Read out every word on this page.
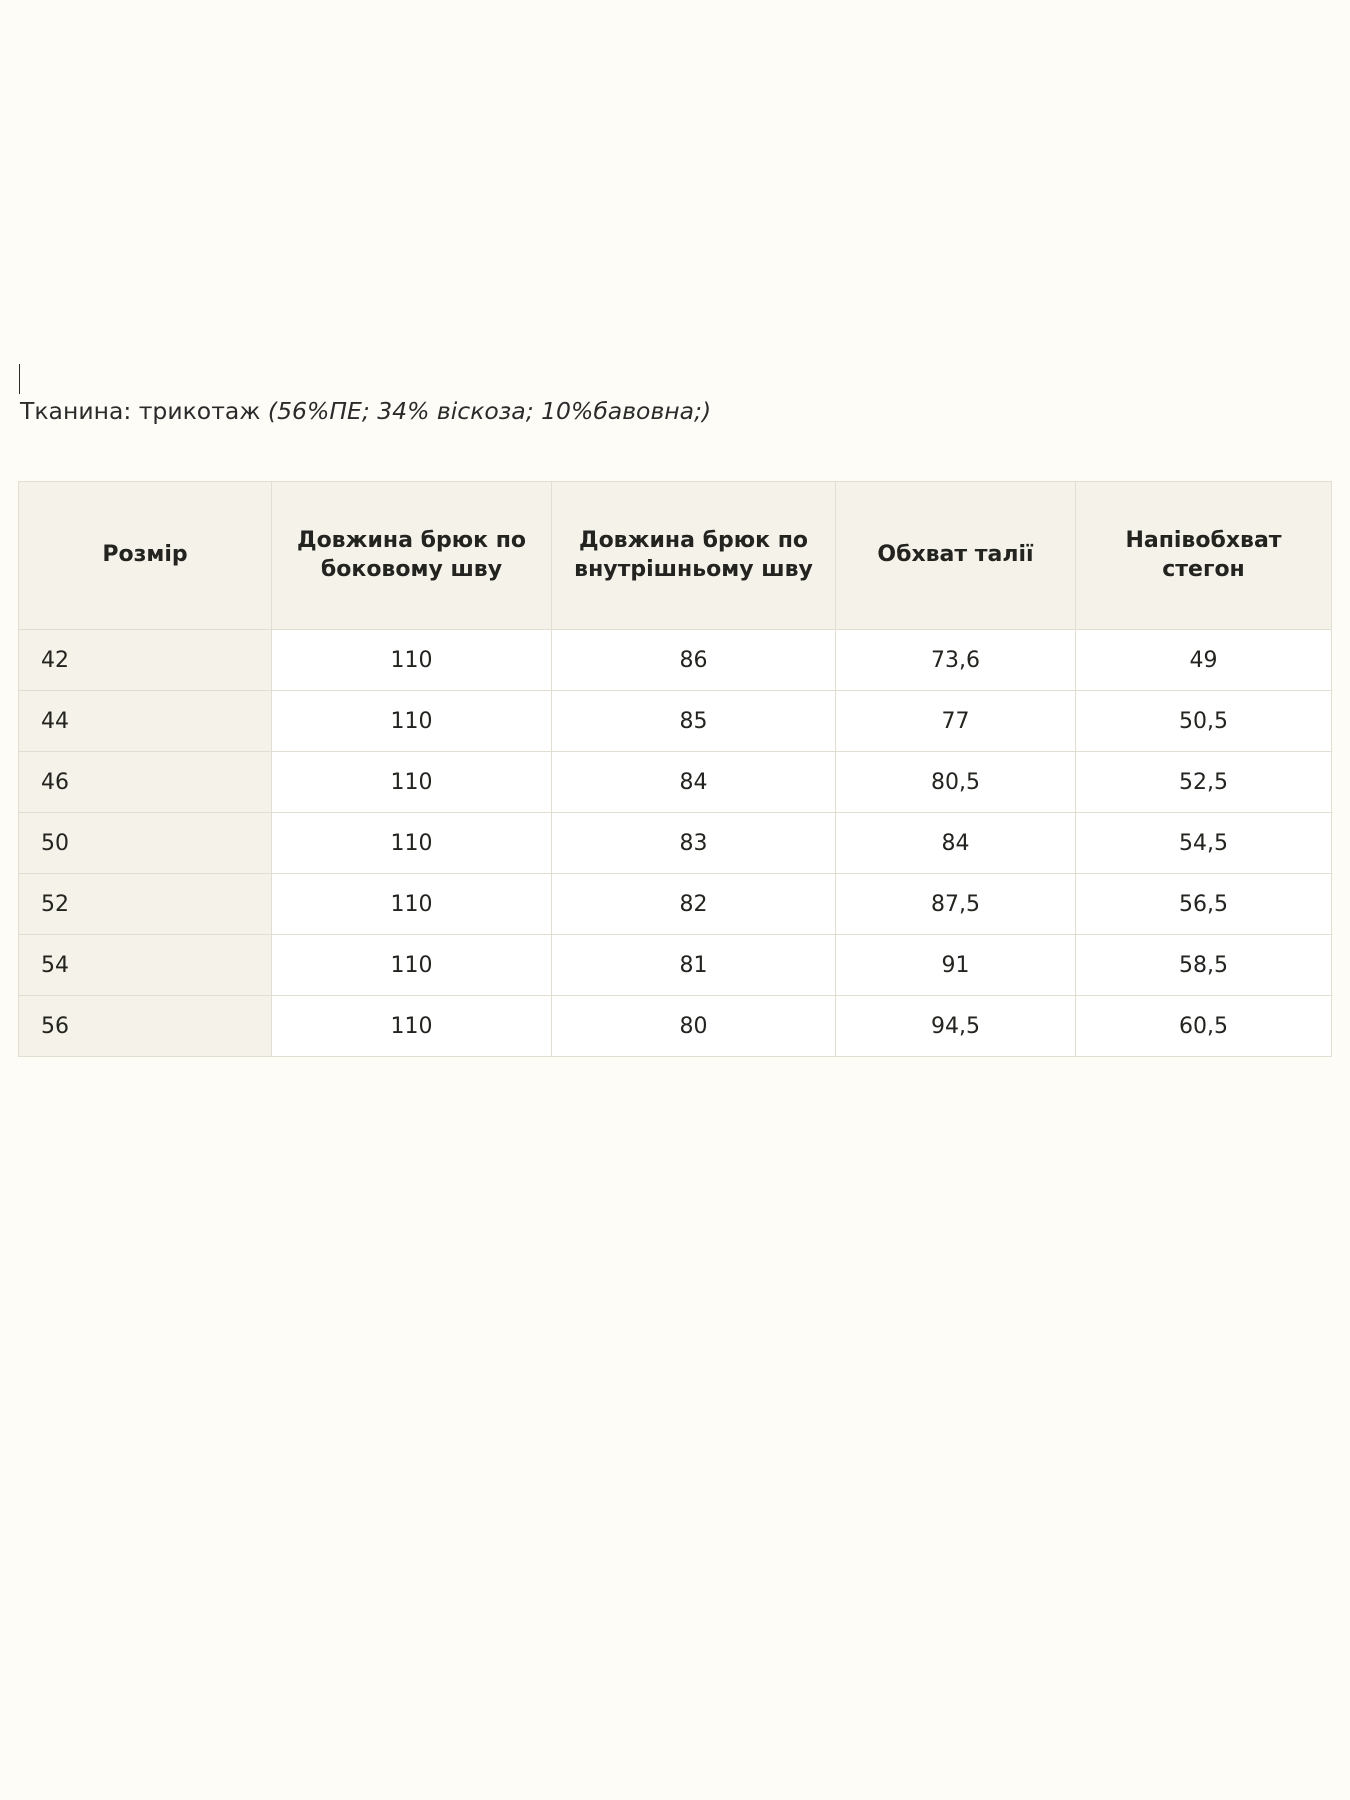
Тканина: трикотаж (56%ПЕ; 34% віскоза; 10%бавовна;)

Розмір	Довжина брюк по боковому шву	Довжина брюк по внутрішньому шву	Обхват талії	Напівобхват стегон
42	110	86	73,6	49
44	110	85	77	50,5
46	110	84	80,5	52,5
50	110	83	84	54,5
52	110	82	87,5	56,5
54	110	81	91	58,5
56	110	80	94,5	60,5
